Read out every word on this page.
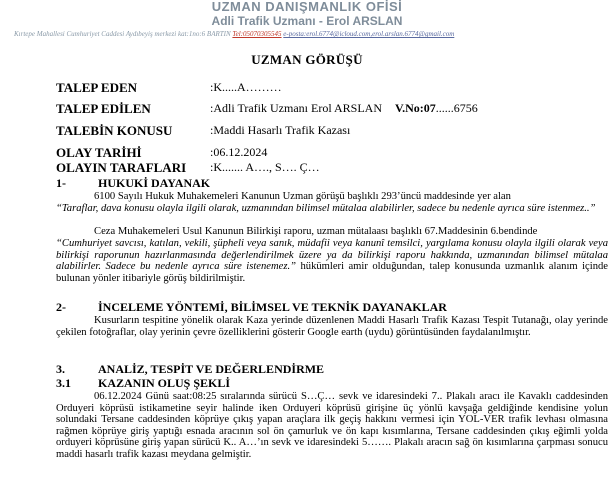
UZMAN DANIŞMANLIK OFİSİ
Adli Trafik Uzmanı - Erol ARSLAN
Kırtepe Mahallesi Cumhuriyet Caddesi Aydıbeyiş merkezi kat:1no:6 BARTIN Tel:05070305545 e-posta:erol.6774@icloud.com,erol.arslan.6774@gmail.com
UZMAN GÖRÜŞÜ
TALEP EDEN	:K.....A………
TALEP EDİLEN	:Adli Trafik Uzmanı Erol ARSLAN V.No:07......6756
TALEBİN KONUSU	:Maddi Hasarlı Trafik Kazası
OLAY TARİHİ	:06.12.2024
OLAYIN TARAFLARI :K....... A…., S…. Ç…
1-	HUKUKİ DAYANAK
6100 Sayılı Hukuk Muhakemeleri Kanunun Uzman görüşü başlıklı 293’üncü maddesinde yer alan
“Taraflar, dava konusu olayla ilgili olarak, uzmanından bilimsel mütalaa alabilirler, sadece bu nedenle ayrıca süre istenmez..”
Ceza Muhakemeleri Usul Kanunun Bilirkişi raporu, uzman mütalaası başlıklı 67.Maddesinin 6.bendinde
“Cumhuriyet savcısı, katılan, vekili, şüpheli veya sanık, müdafii veya kanunî temsilci, yargılama konusu olayla ilgili olarak veya bilirkişi raporunun hazırlanmasında değerlendirilmek üzere ya da bilirkişi raporu hakkında, uzmanından bilimsel mütalaa alabilirler. Sadece bu nedenle ayrıca süre istenemez.” hükümleri amir olduğundan, talep konusunda uzmanlık alanım içinde bulunan yönler itibariyle görüş bildirilmiştir.
2-	İNCELEME YÖNTEMİ, BİLİMSEL VE TEKNİK DAYANAKLAR
Kusurların tespitine yönelik olarak Kaza yerinde düzenlenen Maddi Hasarlı Trafik Kazası Tespit Tutanağı, olay yerinde çekilen fotoğraflar, olay yerinin çevre özelliklerini gösterir Google earth (uydu) görüntüsünden faydalanılmıştır.
3.	ANALİZ, TESPİT VE DEĞERLENDİRME
3.1 KAZANIN OLUŞ ŞEKLİ
06.12.2024 Günü saat:08:25 sıralarında sürücü S…Ç… sevk ve idaresindeki 7.. Plakalı aracı ile Kavaklı caddesinden Orduyeri köprüsü istikametine seyir halinde iken Orduyeri köprüsü girişine üç yönlü kavşağa geldiğinde kendisine yolun solundaki Tersane caddesinden köprüye çıkış yapan araçlara ilk geçiş hakkını vermesi için YOL-VER trafik levhası olmasına rağmen köprüye giriş yaptığı esnada aracının sol ön çamurluk ve ön kapı kısımlarına, Tersane caddesinden çıkış eğimli yolda orduyeri köprüsüne giriş yapan sürücü K.. A…’ın sevk ve idaresindeki 5……. Plakalı aracın sağ ön kısımlarına çarpması sonucu maddi hasarlı trafik kazası meydana gelmiştir.
